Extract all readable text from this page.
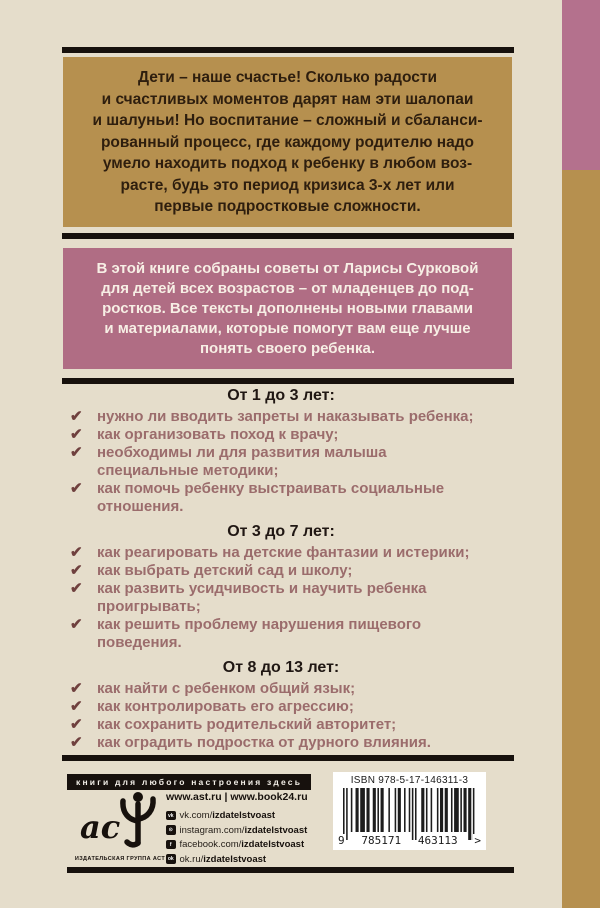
Дети – наше счастье! Сколько радости
и счастливых моментов дарят нам эти шалопаи
и шалуньи! Но воспитание – сложный и сбаланси-
рованный процесс, где каждому родителю надо
умело находить подход к ребенку в любом воз-
расте, будь это период кризиса 3-х лет или
первые подростковые сложности.
В этой книге собраны советы от Ларисы Сурковой
для детей всех возрастов – от младенцев до под-
ростков. Все тексты дополнены новыми главами
и материалами, которые помогут вам еще лучше
понять своего ребенка.
От 1 до 3 лет:
✔ нужно ли вводить запреты и наказывать ребенка;
✔ как организовать поход к врачу;
✔ необходимы ли для развития малыша
специальные методики;
✔ как помочь ребенку выстраивать социальные
отношения.
От 3 до 7 лет:
✔ как реагировать на детские фантазии и истерики;
✔ как выбрать детский сад и школу;
✔ как развить усидчивость и научить ребенка
проигрывать;
✔ как решить проблему нарушения пищевого
поведения.
От 8 до 13 лет:
✔ как найти с ребенком общий язык;
✔ как контролировать его агрессию;
✔ как сохранить родительский авторитет;
✔ как оградить подростка от дурного влияния.
книги для любого настроения здесь
ас
ИЗДАТЕЛЬСКАЯ ГРУППА АСТ
www.ast.ru | www.book24.ru
vk vk.com/izdatelstvoast
⊙ instagram.com/izdatelstvoast
f facebook.com/izdatelstvoast
ok ok.ru/izdatelstvoast
ISBN 978-5-17-146311-3
9 785171 463113 >
